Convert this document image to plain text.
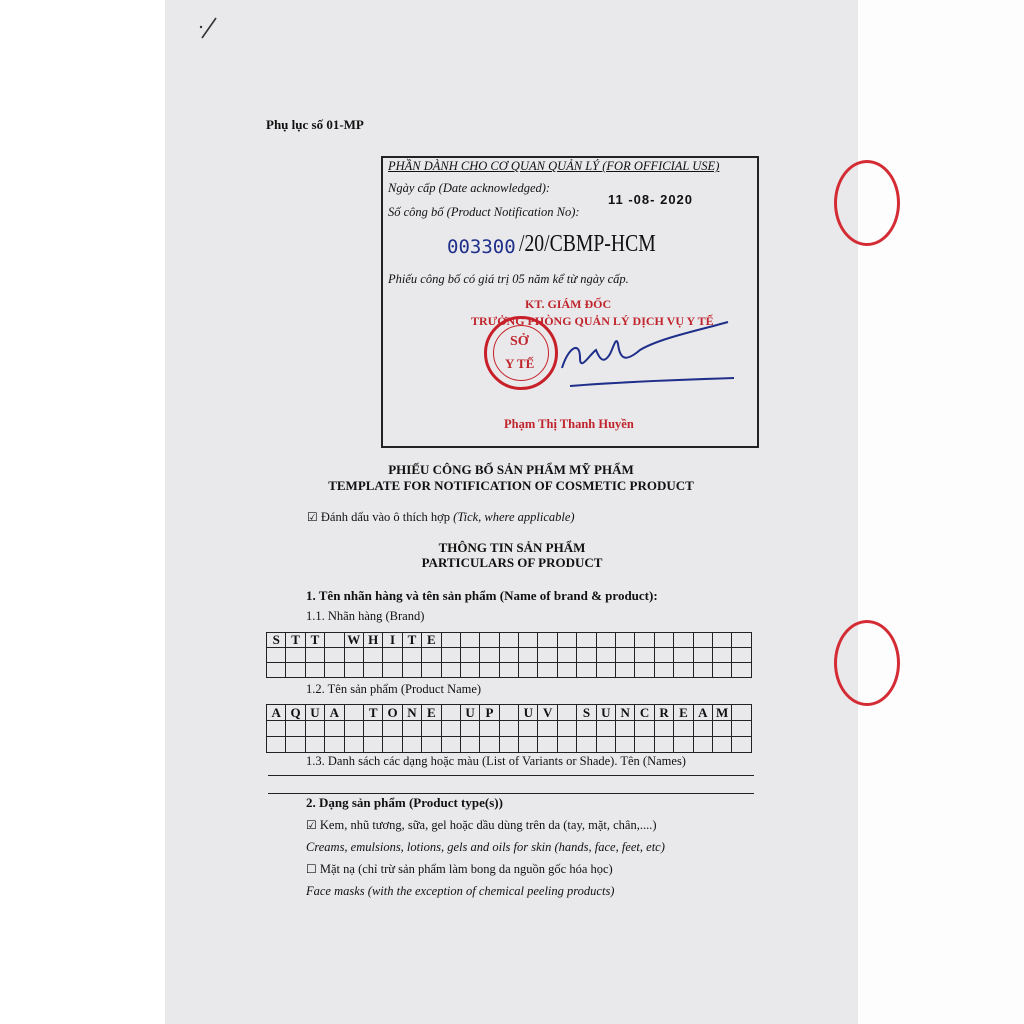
Phụ lục số 01-MP
PHẦN DÀNH CHO CƠ QUAN QUẢN LÝ (FOR OFFICIAL USE)
Ngày cấp (Date acknowledged):
11 -08- 2020
Số công bố (Product Notification No):
003300 /20/CBMP-HCM
Phiếu công bố có giá trị 05 năm kể từ ngày cấp.
KT. GIÁM ĐỐC
TRƯỞNG PHÒNG QUẢN LÝ DỊCH VỤ Y TẾ
SỞ
Y TẾ
Phạm Thị Thanh Huyền
PHIẾU CÔNG BỐ SẢN PHẨM MỸ PHẨM
TEMPLATE FOR NOTIFICATION OF COSMETIC PRODUCT
☑ Đánh dấu vào ô thích hợp (Tick, where applicable)
THÔNG TIN SẢN PHẨM
PARTICULARS OF PRODUCT
1. Tên nhãn hàng và tên sản phẩm (Name of brand & product):
1.1. Nhãn hàng (Brand)
S T T	W H I T E
1.2. Tên sản phẩm (Product Name)
A Q U A	T O N E	U P	U V	S U N C R E A M
1.3. Danh sách các dạng hoặc màu (List of Variants or Shade). Tên (Names)
2. Dạng sản phẩm (Product type(s))
☑ Kem, nhũ tương, sữa, gel hoặc dầu dùng trên da (tay, mặt, chân,....)
Creams, emulsions, lotions, gels and oils for skin (hands, face, feet, etc)
☐ Mặt nạ (chỉ trừ sản phẩm làm bong da nguồn gốc hóa học)
Face masks (with the exception of chemical peeling products)
